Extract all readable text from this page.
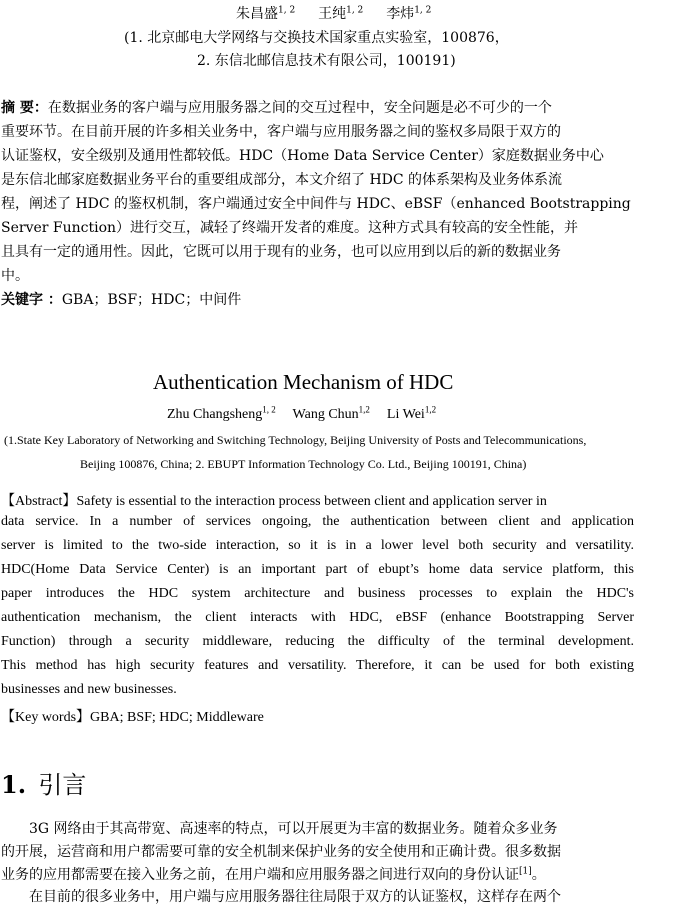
朱昌盛$^{1, 2}$ 王纯$^{1, 2}$ 李炜$^{1, 2}$
(1. 北京邮电大学网络与交换技术国家重点实验室，100876，
2. 东信北邮信息技术有限公司，100191)
摘 要：在数据业务的客户端与应用服务器之间的交互过程中，安全问题是必不可少的一个
重要环节。在目前开展的许多相关业务中，客户端与应用服务器之间的鉴权多局限于双方的
认证鉴权，安全级别及通用性都较低。HDC（Home Data Service Center）家庭数据业务中心
是东信北邮家庭数据业务平台的重要组成部分，本文介绍了 HDC 的体系架构及业务体系流
程，阐述了 HDC 的鉴权机制，客户端通过安全中间件与 HDC、eBSF（enhanced Bootstrapping
Server Function）进行交互，减轻了终端开发者的难度。这种方式具有较高的安全性能，并
且具有一定的通用性。因此，它既可以用于现有的业务，也可以应用到以后的新的数据业务
中。
关键字 ：GBA；BSF；HDC；中间件
Authentication Mechanism of HDC
Zhu Changsheng$^{1, 2}$ Wang Chun$^{1,2}$ Li Wei$^{1,2}$
(1.State Key Laboratory of Networking and Switching Technology, Beijing University of Posts and Telecommunications,
Beijing 100876, China; 2. EBUPT Information Technology Co. Ltd., Beijing 100191, China)
【Abstract】Safety is essential to the interaction process between client and application server in
data service. In a number of services ongoing, the authentication between client and application
server is limited to the two-side interaction, so it is in a lower level both security and versatility.
HDC(Home Data Service Center) is an important part of ebupt’s home data service platform, this
paper introduces the HDC system architecture and business processes to explain the HDC's
authentication mechanism, the client interacts with HDC, eBSF (enhance Bootstrapping Server
Function) through a security middleware, reducing the difficulty of the terminal development.
This method has high security features and versatility. Therefore, it can be used for both existing
businesses and new businesses.
【Key words】GBA; BSF; HDC; Middleware
1. 引言
3G 网络由于其高带宽、高速率的特点，可以开展更为丰富的数据业务。随着众多业务
的开展，运营商和用户都需要可靠的安全机制来保护业务的安全使用和正确计费。很多数据
业务的应用都需要在接入业务之前，在用户端和应用服务器之间进行双向的身份认证[1]。
在目前的很多业务中，用户端与应用服务器往往局限于双方的认证鉴权，这样存在两个
